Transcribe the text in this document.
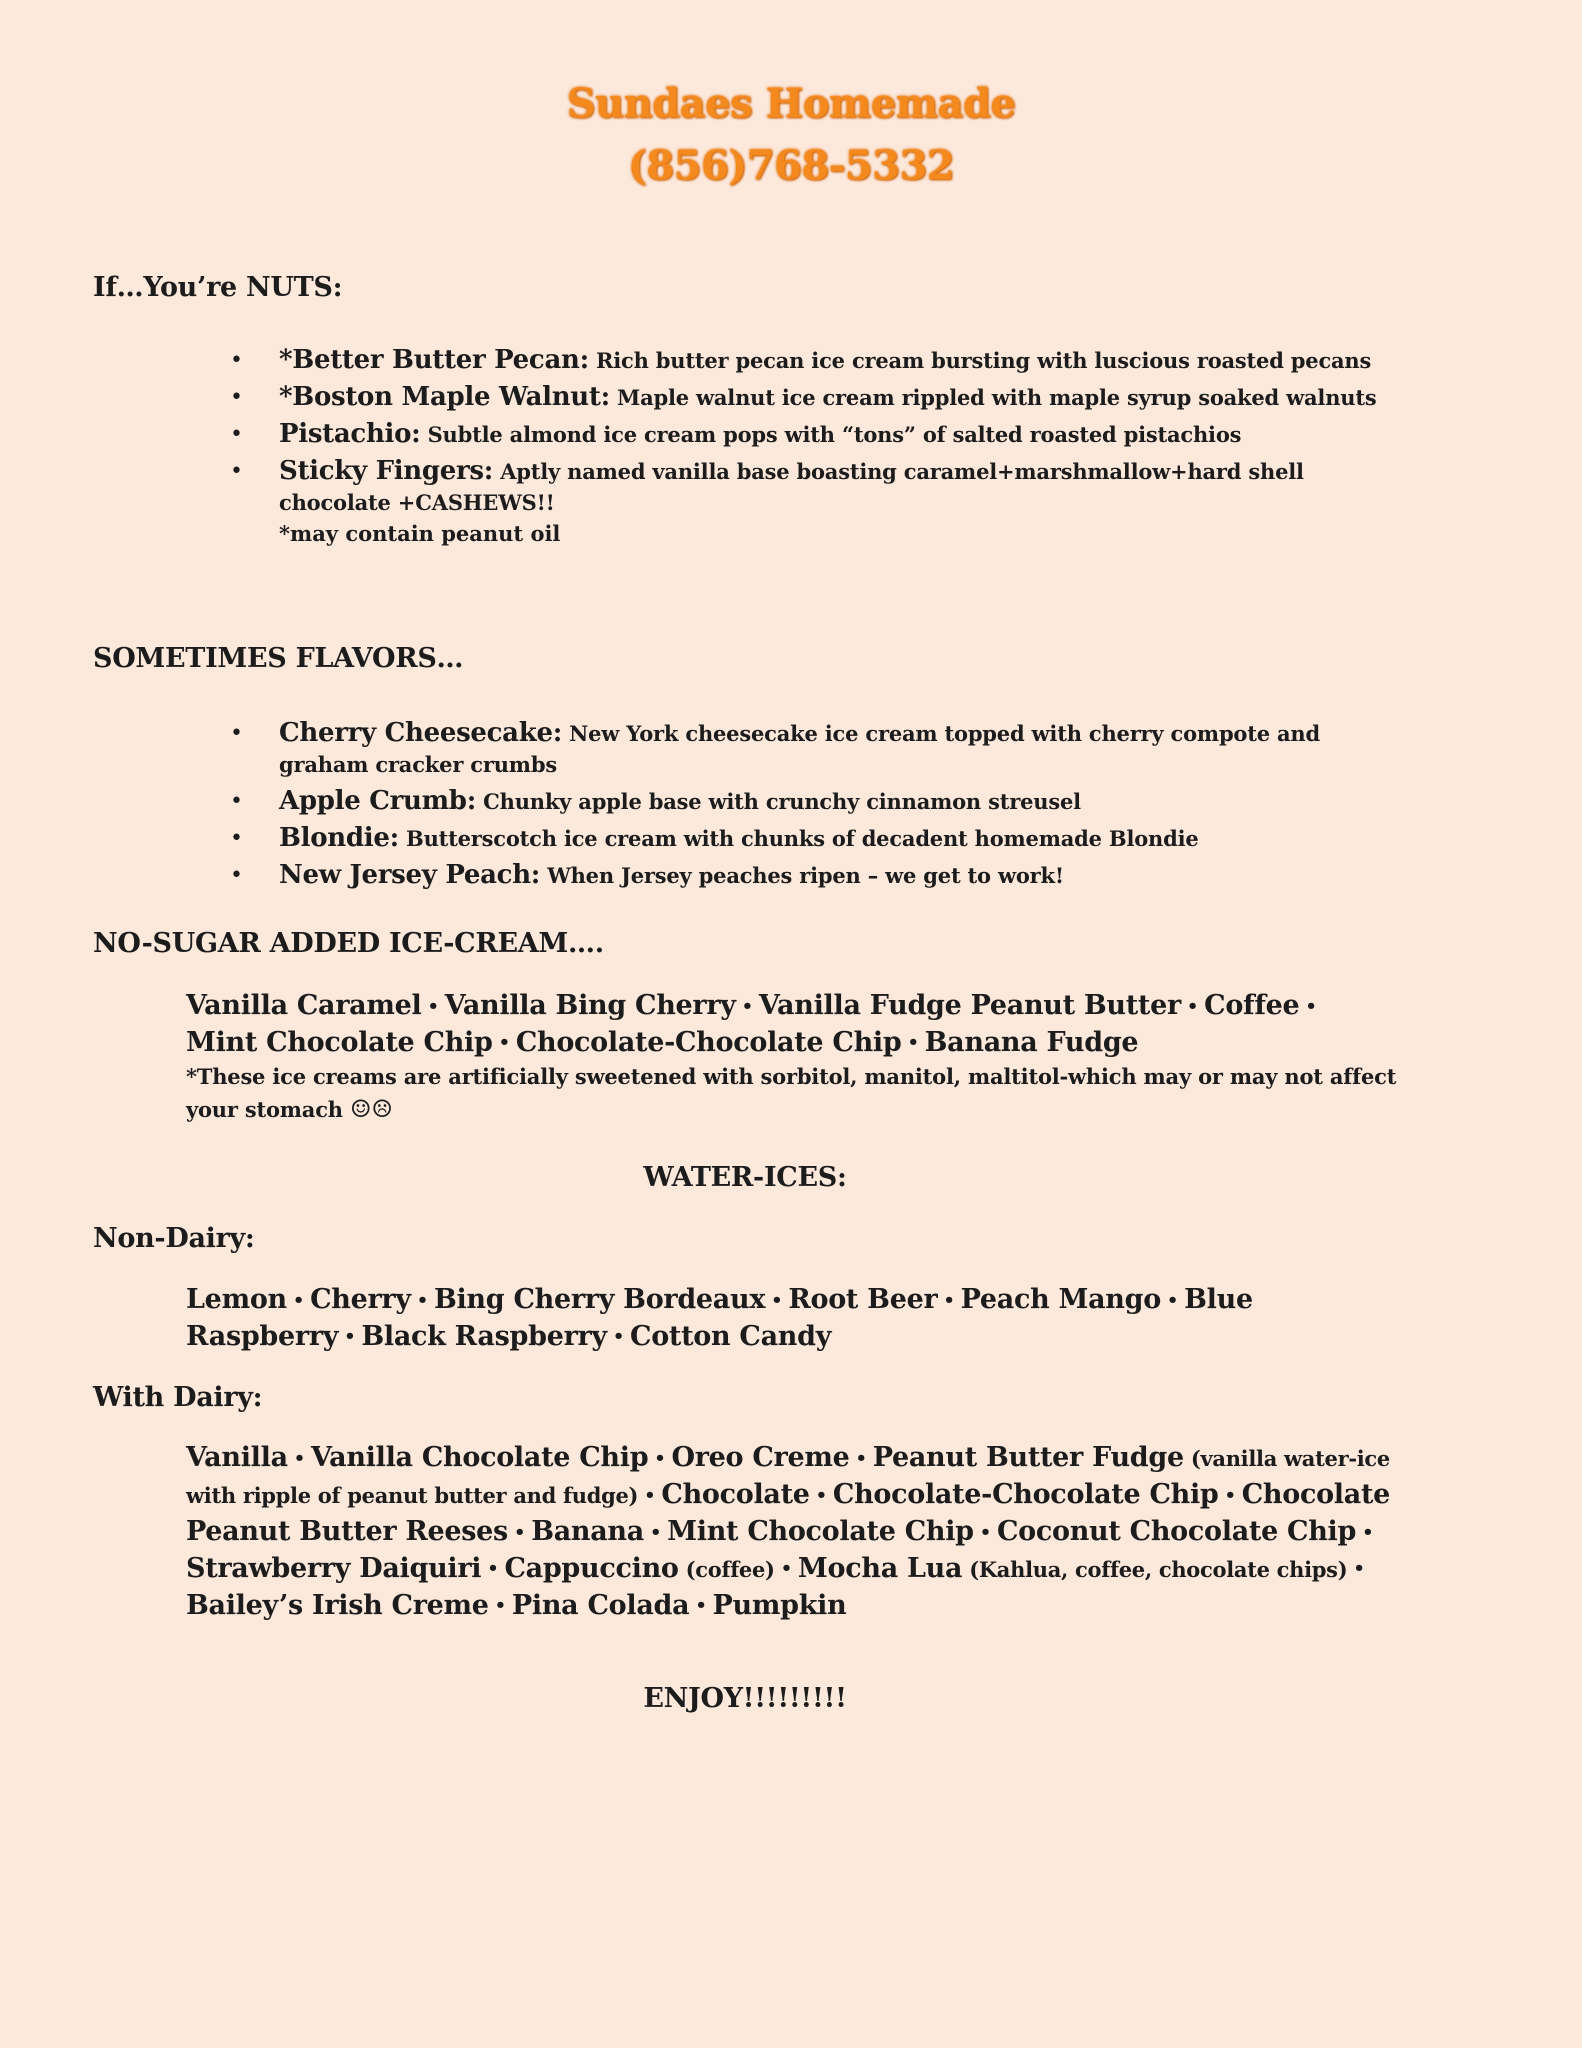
Sundaes Homemade
(856)768-5332
If…You’re NUTS:
• *Better Butter Pecan: Rich butter pecan ice cream bursting with luscious roasted pecans
• *Boston Maple Walnut: Maple walnut ice cream rippled with maple syrup soaked walnuts
• Pistachio: Subtle almond ice cream pops with “tons” of salted roasted pistachios
• Sticky Fingers: Aptly named vanilla base boasting caramel+marshmallow+hard shell chocolate +CASHEWS!!
*may contain peanut oil
SOMETIMES FLAVORS…
• Cherry Cheesecake: New York cheesecake ice cream topped with cherry compote and graham cracker crumbs
• Apple Crumb: Chunky apple base with crunchy cinnamon streusel
• Blondie: Butterscotch ice cream with chunks of decadent homemade Blondie
• New Jersey Peach: When Jersey peaches ripen – we get to work!
NO-SUGAR ADDED ICE-CREAM….

Vanilla Caramel • Vanilla Bing Cherry • Vanilla Fudge Peanut Butter • Coffee •
Mint Chocolate Chip • Chocolate-Chocolate Chip • Banana Fudge

*These ice creams are artificially sweetened with sorbitol, manitol, maltitol-which may or may not affect your stomach ☺☹

WATER-ICES:
Non-Dairy:

Lemon • Cherry • Bing Cherry Bordeaux • Root Beer • Peach Mango • Blue Raspberry • Black Raspberry • Cotton Candy

With Dairy:

Vanilla • Vanilla Chocolate Chip • Oreo Creme • Peanut Butter Fudge (vanilla water-ice with ripple of peanut butter and fudge) • Chocolate • Chocolate-Chocolate Chip • Chocolate Peanut Butter Reeses • Banana • Mint Chocolate Chip • Coconut Chocolate Chip •Strawberry Daiquiri • Cappuccino (coffee) • Mocha Lua (Kahlua, coffee, chocolate chips) •Bailey’s Irish Creme • Pina Colada • Pumpkin

ENJOY!!!!!!!!!
